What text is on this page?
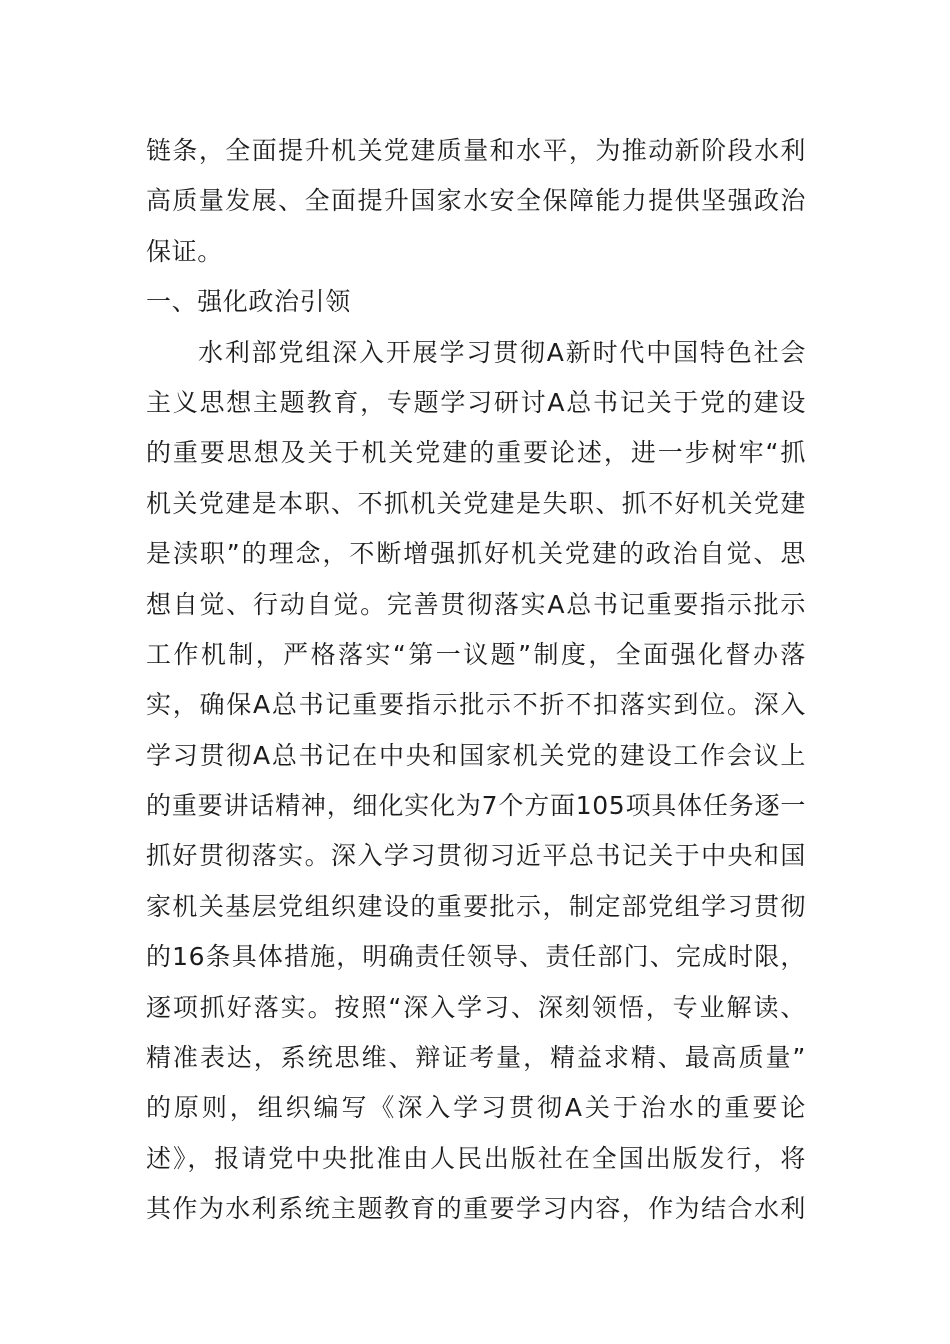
链条，全面提升机关党建质量和水平，为推动新阶段水利
高质量发展、全面提升国家水安全保障能力提供坚强政治
保证。
一、强化政治引领
水利部党组深入开展学习贯彻A新时代中国特色社会
主义思想主题教育，专题学习研讨A总书记关于党的建设
的重要思想及关于机关党建的重要论述，进一步树牢“抓
机关党建是本职、不抓机关党建是失职、抓不好机关党建
是渎职”的理念，不断增强抓好机关党建的政治自觉、思
想自觉、行动自觉。完善贯彻落实A总书记重要指示批示
工作机制，严格落实“第一议题”制度，全面强化督办落
实，确保A总书记重要指示批示不折不扣落实到位。深入
学习贯彻A总书记在中央和国家机关党的建设工作会议上
的重要讲话精神，细化实化为7个方面105项具体任务逐一
抓好贯彻落实。深入学习贯彻习近平总书记关于中央和国
家机关基层党组织建设的重要批示，制定部党组学习贯彻
的16条具体措施，明确责任领导、责任部门、完成时限，
逐项抓好落实。按照“深入学习、深刻领悟，专业解读、
精准表达，系统思维、辩证考量，精益求精、最高质量”
的原则，组织编写《深入学习贯彻A关于治水的重要论
述》，报请党中央批准由人民出版社在全国出版发行，将
其作为水利系统主题教育的重要学习内容，作为结合水利
